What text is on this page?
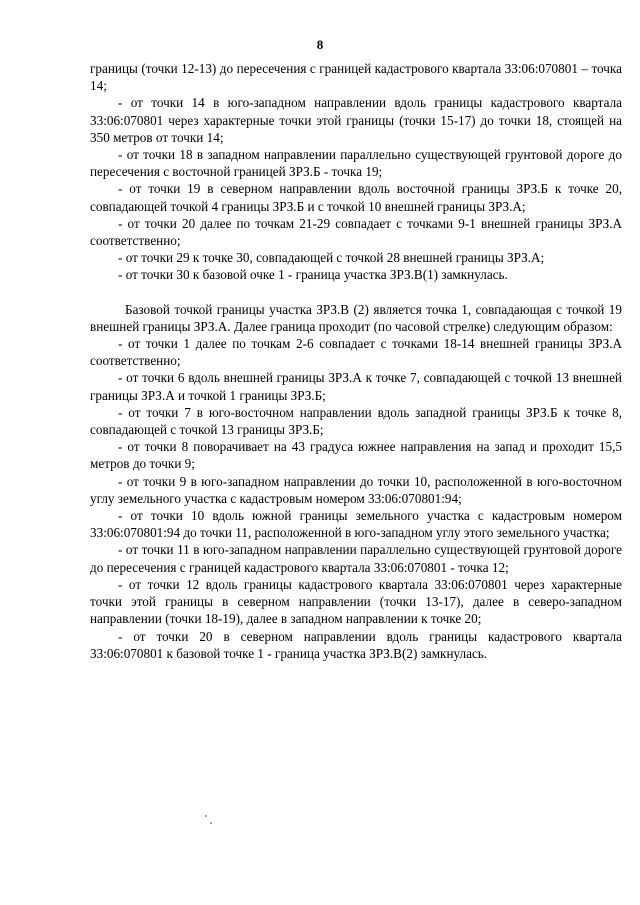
8

границы (точки 12-13) до пересечения с границей кадастрового квартала 33:06:070801 – точка 14;

- от точки 14 в юго-западном направлении вдоль границы кадастрового квартала 33:06:070801 через характерные точки этой границы (точки 15-17) до точки 18, стоящей на 350 метров от точки 14;

- от точки 18 в западном направлении параллельно существующей грунтовой дороге до пересечения с восточной границей ЗРЗ.Б - точка 19;

- от точки 19 в северном направлении вдоль восточной границы ЗРЗ.Б к точке 20, совпадающей точкой 4 границы ЗРЗ.Б и с точкой 10 внешней границы ЗРЗ.А;

- от точки 20 далее по точкам 21-29 совпадает с точками 9-1 внешней границы ЗРЗ.А соответственно;

- от точки 29 к точке 30, совпадающей с точкой 28 внешней границы ЗРЗ.А;

- от точки 30 к базовой очке 1 - граница участка ЗРЗ.В(1) замкнулась.

Базовой точкой границы участка ЗРЗ.В (2) является точка 1, совпадающая с точкой 19 внешней границы ЗРЗ.А. Далее граница проходит (по часовой стрелке) следующим образом:

- от точки 1 далее по точкам 2-6 совпадает с точками 18-14 внешней границы ЗРЗ.А соответственно;

- от точки 6 вдоль внешней границы ЗРЗ.А к точке 7, совпадающей с точкой 13 внешней границы ЗРЗ.А и точкой 1 границы ЗРЗ.Б;

- от точки 7 в юго-восточном направлении вдоль западной границы ЗРЗ.Б к точке 8, совпадающей с точкой 13 границы ЗРЗ.Б;

- от точки 8 поворачивает на 43 градуса южнее направления на запад и проходит 15,5 метров до точки 9;

- от точки 9 в юго-западном направлении до точки 10, расположенной в юго-восточном углу земельного участка с кадастровым номером 33:06:070801:94;

- от точки 10 вдоль южной границы земельного участка с кадастровым номером 33:06:070801:94 до точки 11, расположенной в юго-западном углу этого земельного участка;

- от точки 11 в юго-западном направлении параллельно существующей грунтовой дороге до пересечения с границей кадастрового квартала 33:06:070801 - точка 12;

- от точки 12 вдоль границы кадастрового квартала 33:06:070801 через характерные точки этой границы в северном направлении (точки 13-17), далее в северо-западном направлении (точки 18-19), далее в западном направлении к точке 20;

- от точки 20 в северном направлении вдоль границы кадастрового квартала 33:06:070801 к базовой точке 1 - граница участка ЗРЗ.В(2) замкнулась.
